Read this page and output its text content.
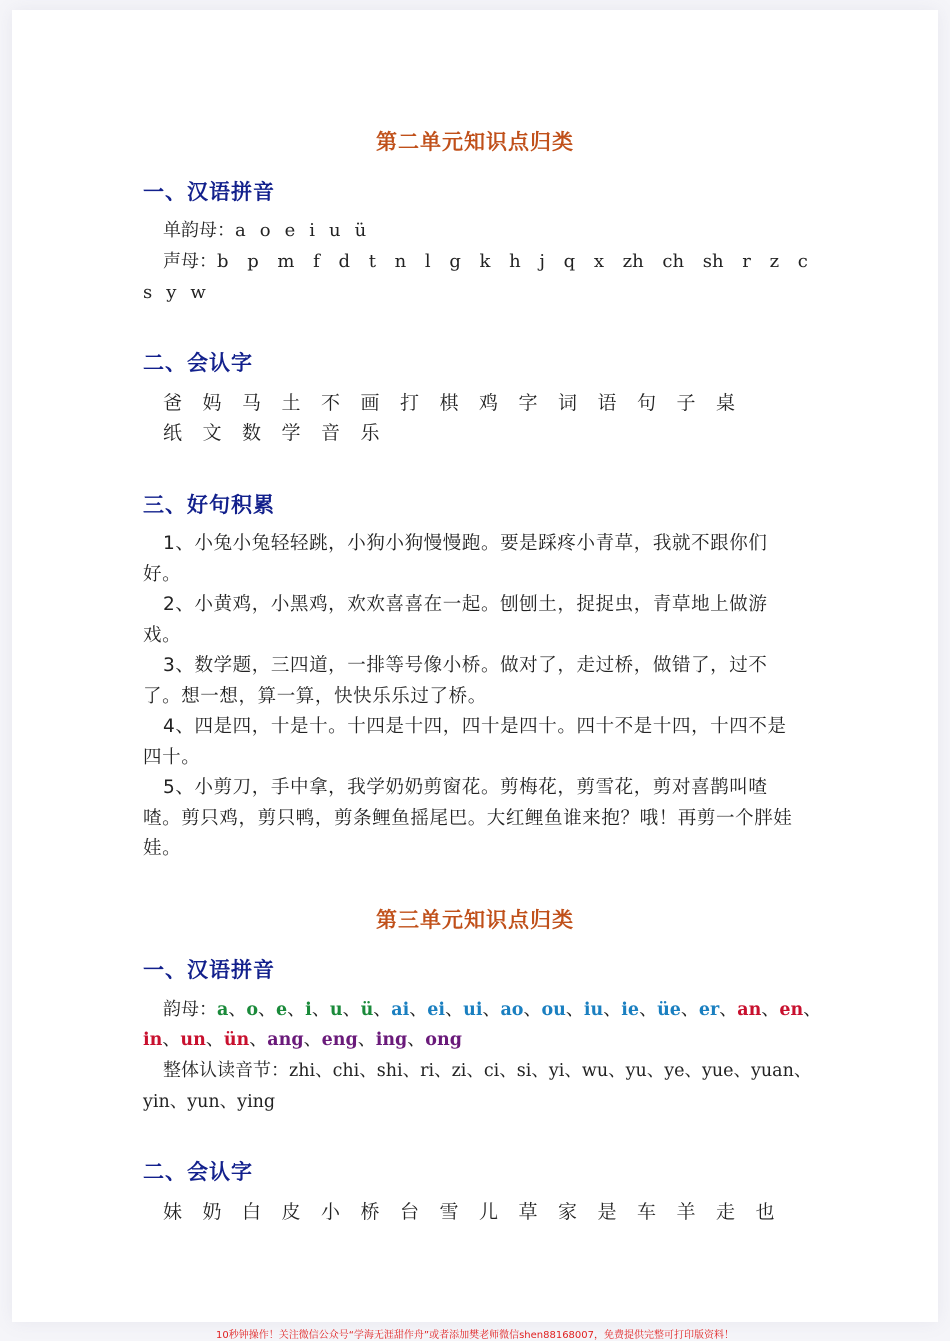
第二单元知识点归类
一、汉语拼音
单韵母：a o e i u ü
声母： b p m f d t n l g k h j q x zh ch sh r z c
s y w
二、会认字
爸 妈 马 土 不 画 打 棋 鸡 字 词 语 句 子 桌
纸 文 数 学 音 乐
三、好句积累
1、小兔小兔轻轻跳，小狗小狗慢慢跑。要是踩疼小青草，我就不跟你们好。
2、小黄鸡，小黑鸡，欢欢喜喜在一起。刨刨土，捉捉虫，青草地上做游戏。
3、数学题，三四道，一排等号像小桥。做对了，走过桥，做错了，过不了。想一想，算一算，快快乐乐过了桥。
4、四是四，十是十。十四是十四，四十是四十。四十不是十四，十四不是四十。
5、小剪刀，手中拿，我学奶奶剪窗花。剪梅花，剪雪花，剪对喜鹊叫喳喳。剪只鸡，剪只鸭，剪条鲤鱼摇尾巴。大红鲤鱼谁来抱？哦！再剪一个胖娃娃。
第三单元知识点归类
一、汉语拼音
韵母：a、o、e、i、u、ü、ai、ei、ui、ao、ou、iu、ie、üe、er、an、en、
in、un、ün、ang、eng、ing、ong
整体认读音节：zhi、chi、shi、ri、zi、ci、si、yi、wu、yu、ye、yue、yuan、
yin、yun、ying
二、会认字
妹 奶 白 皮 小 桥 台 雪 儿 草 家 是 车 羊 走 也
10秒钟操作！关注微信公众号“学海无涯甜作舟”或者添加樊老师微信shen88168007，免费提供完整可打印版资料！
